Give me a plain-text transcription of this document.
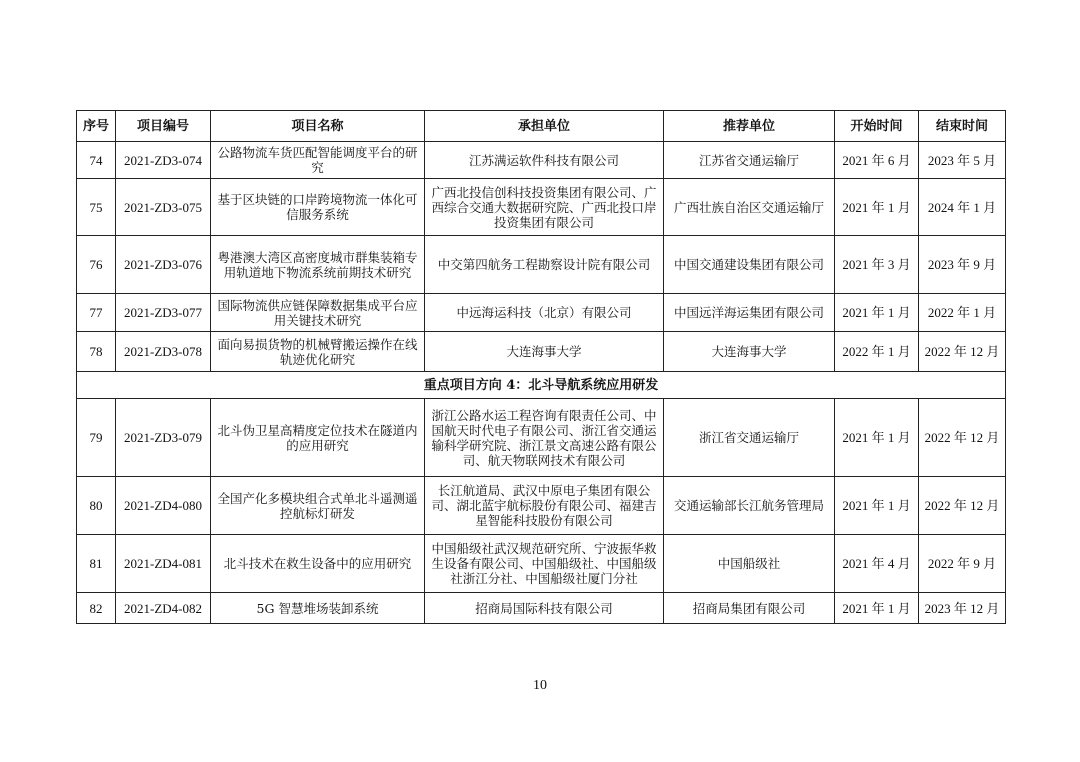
序号	项目编号	项目名称	承担单位	推荐单位	开始时间	结束时间
74	2021-ZD3-074	公路物流车货匹配智能调度平台的研究	江苏满运软件科技有限公司	江苏省交通运输厅	2021 年 6 月	2023 年 5 月
75	2021-ZD3-075	基于区块链的口岸跨境物流一体化可信服务系统	广西北投信创科技投资集团有限公司、广西综合交通大数据研究院、广西北投口岸投资集团有限公司	广西壮族自治区交通运输厅	2021 年 1 月	2024 年 1 月
76	2021-ZD3-076	粤港澳大湾区高密度城市群集装箱专用轨道地下物流系统前期技术研究	中交第四航务工程勘察设计院有限公司	中国交通建设集团有限公司	2021 年 3 月	2023 年 9 月
77	2021-ZD3-077	国际物流供应链保障数据集成平台应用关键技术研究	中远海运科技（北京）有限公司	中国远洋海运集团有限公司	2021 年 1 月	2022 年 1 月
78	2021-ZD3-078	面向易损货物的机械臂搬运操作在线轨迹优化研究	大连海事大学	大连海事大学	2022 年 1 月	2022 年 12 月
重点项目方向 4：北斗导航系统应用研发						
79	2021-ZD3-079	北斗伪卫星高精度定位技术在隧道内的应用研究	浙江公路水运工程咨询有限责任公司、中国航天时代电子有限公司、浙江省交通运输科学研究院、浙江景文高速公路有限公司、航天物联网技术有限公司	浙江省交通运输厅	2021 年 1 月	2022 年 12 月
80	2021-ZD4-080	全国产化多模块组合式单北斗遥测遥控航标灯研发	长江航道局、武汉中原电子集团有限公司、湖北蓝宇航标股份有限公司、福建吉星智能科技股份有限公司	交通运输部长江航务管理局	2021 年 1 月	2022 年 12 月
81	2021-ZD4-081	北斗技术在救生设备中的应用研究	中国船级社武汉规范研究所、宁波振华救生设备有限公司、中国船级社、中国船级社浙江分社、中国船级社厦门分社	中国船级社	2021 年 4 月	2022 年 9 月
82	2021-ZD4-082	5G 智慧堆场装卸系统	招商局国际科技有限公司	招商局集团有限公司	2021 年 1 月	2023 年 12 月
10
